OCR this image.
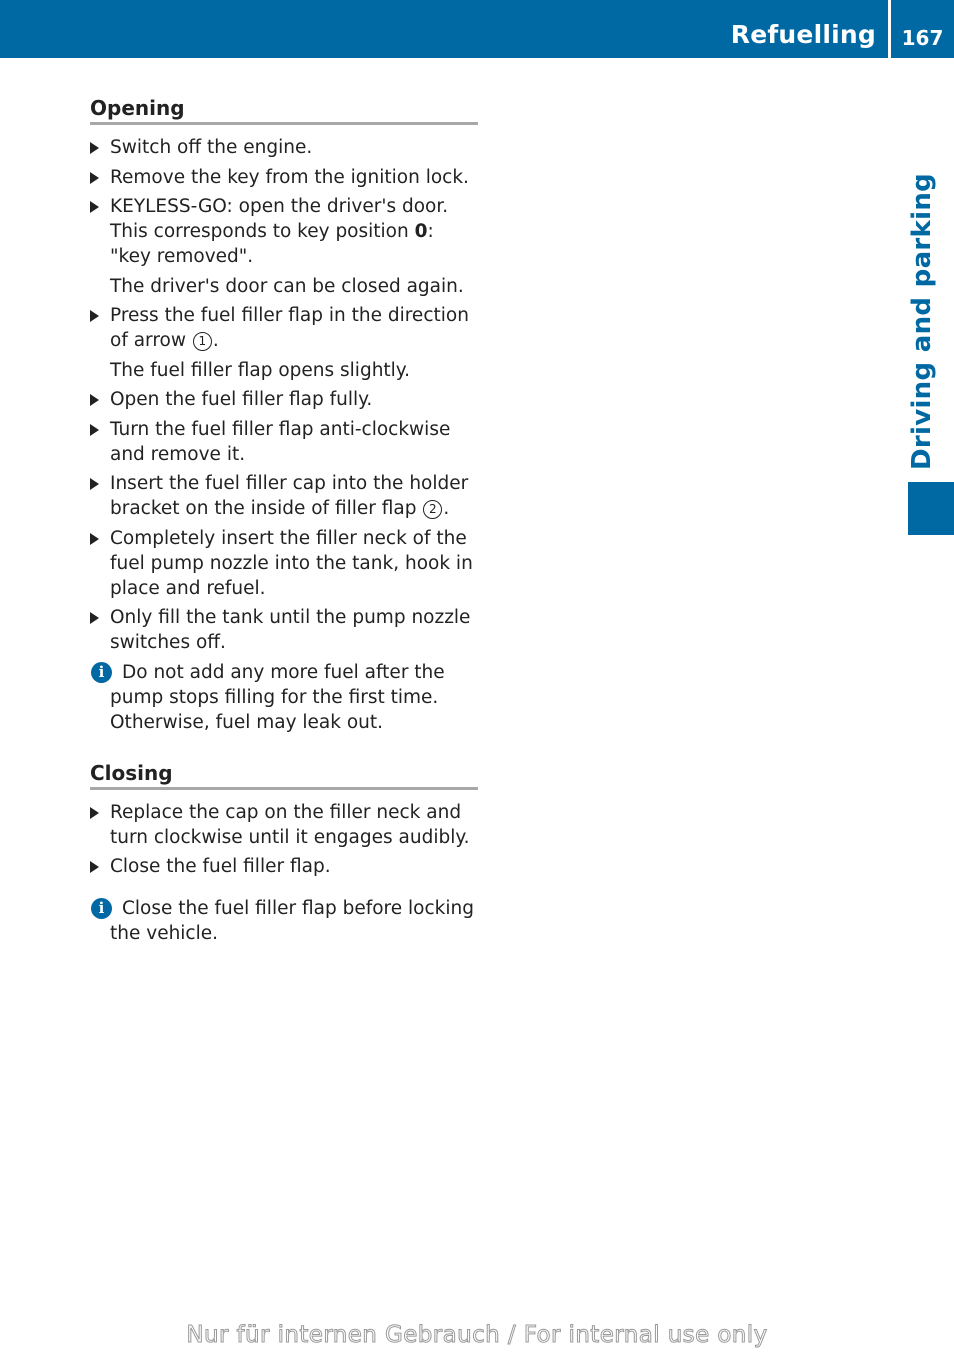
Refuelling	167
Driving and parking
Opening
Switch off the engine.
Remove the key from the ignition lock.
KEYLESS-GO: open the driver's door.
This corresponds to key position 0: "key removed".
The driver's door can be closed again.
Press the fuel filler flap in the direction of arrow 1 .
The fuel filler flap opens slightly.
Open the fuel filler flap fully.
Turn the fuel filler flap anti-clockwise and remove it.
Insert the fuel filler cap into the holder bracket on the inside of filler flap 2 .
Completely insert the filler neck of the fuel pump nozzle into the tank, hook in place and refuel.
Only fill the tank until the pump nozzle switches off.
i Do not add any more fuel after the pump stops filling for the first time. Otherwise, fuel may leak out.
Closing
Replace the cap on the filler neck and turn clockwise until it engages audibly.
Close the fuel filler flap.
i Close the fuel filler flap before locking the vehicle.
Nur für internen Gebrauch / For internal use only
